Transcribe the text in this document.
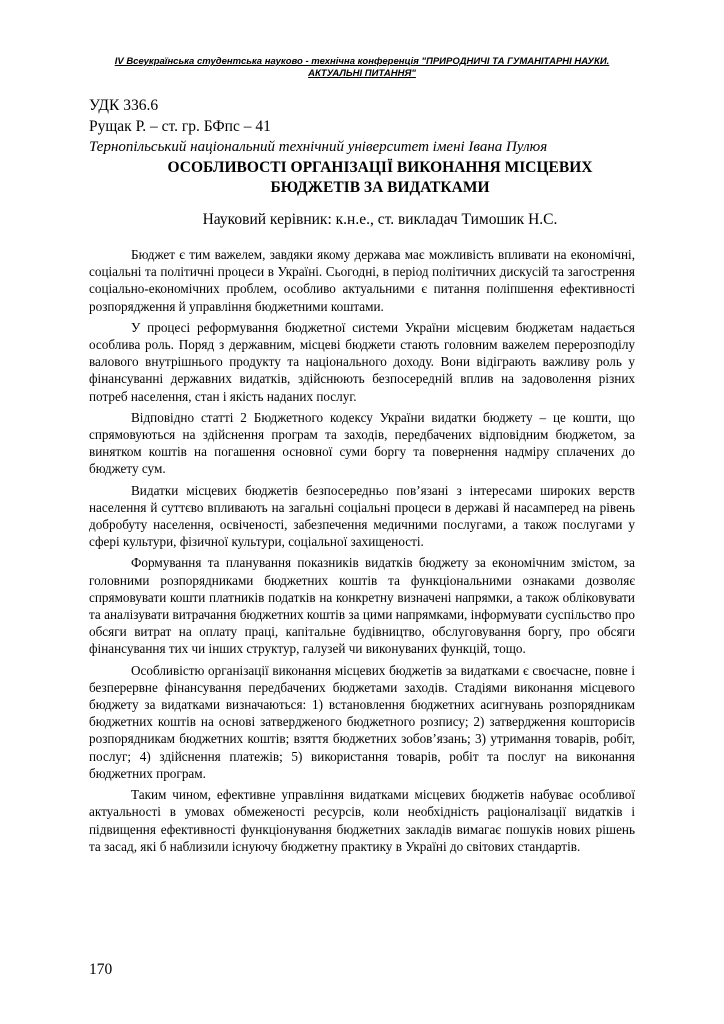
IV Всеукраїнська студентська науково - технічна конференція "ПРИРОДНИЧІ ТА ГУМАНІТАРНІ НАУКИ.
АКТУАЛЬНІ ПИТАННЯ"
УДК 336.6
Рущак Р. – ст. гр. БФпс – 41
Тернопільський національний технічний університет імені Івана Пулюя
ОСОБЛИВОСТІ ОРГАНІЗАЦІЇ ВИКОНАННЯ МІСЦЕВИХ
БЮДЖЕТІВ ЗА ВИДАТКАМИ
Науковий керівник: к.н.е., ст. викладач Тимошик Н.С.

Бюджет є тим важелем, завдяки якому держава має можливість впливати на економічні, соціальні та політичні процеси в Україні. Сьогодні, в період політичних дискусій та загострення соціально-економічних проблем, особливо актуальними є питання поліпшення ефективності розпорядження й управління бюджетними коштами.

У процесі реформування бюджетної системи України місцевим бюджетам надається особлива роль. Поряд з державним, місцеві бюджети стають головним важелем перерозподілу валового внутрішнього продукту та національного доходу. Вони відіграють важливу роль у фінансуванні державних видатків, здійснюють безпосередній вплив на задоволення різних потреб населення, стан і якість наданих послуг.

Відповідно статті 2 Бюджетного кодексу України видатки бюджету – це кошти, що спрямовуються на здійснення програм та заходів, передбачених відповідним бюджетом, за винятком коштів на погашення основної суми боргу та повернення надміру сплачених до бюджету сум.

Видатки місцевих бюджетів безпосередньо пов’язані з інтересами широких верств населення й суттєво впливають на загальні соціальні процеси в державі й насамперед на рівень добробуту населення, освіченості, забезпечення медичними послугами, а також послугами у сфері культури, фізичної культури, соціальної захищеності.

Формування та планування показників видатків бюджету за економічним змістом, за головними розпорядниками бюджетних коштів та функціональними ознаками дозволяє спрямовувати кошти платників податків на конкретну визначені напрямки, а також обліковувати та аналізувати витрачання бюджетних коштів за цими напрямками, інформувати суспільство про обсяги витрат на оплату праці, капітальне будівництво, обслуговування боргу, про обсяги фінансування тих чи інших структур, галузей чи виконуваних функцій, тощо.

Особливістю організації виконання місцевих бюджетів за видатками є своєчасне, повне і безперервне фінансування передбачених бюджетами заходів. Стадіями виконання місцевого бюджету за видатками визначаються: 1) встановлення бюджетних асигнувань розпорядникам бюджетних коштів на основі затвердженого бюджетного розпису; 2) затвердження кошторисів розпорядникам бюджетних коштів; взяття бюджетних зобов’язань; 3) утримання товарів, робіт, послуг; 4) здійснення платежів; 5) використання товарів, робіт та послуг на виконання бюджетних програм.

Таким чином, ефективне управління видатками місцевих бюджетів набуває особливої актуальності в умовах обмеженості ресурсів, коли необхідність раціоналізації видатків і підвищення ефективності функціонування бюджетних закладів вимагає пошуків нових рішень та засад, які б наблизили існуючу бюджетну практику в Україні до світових стандартів.

170
